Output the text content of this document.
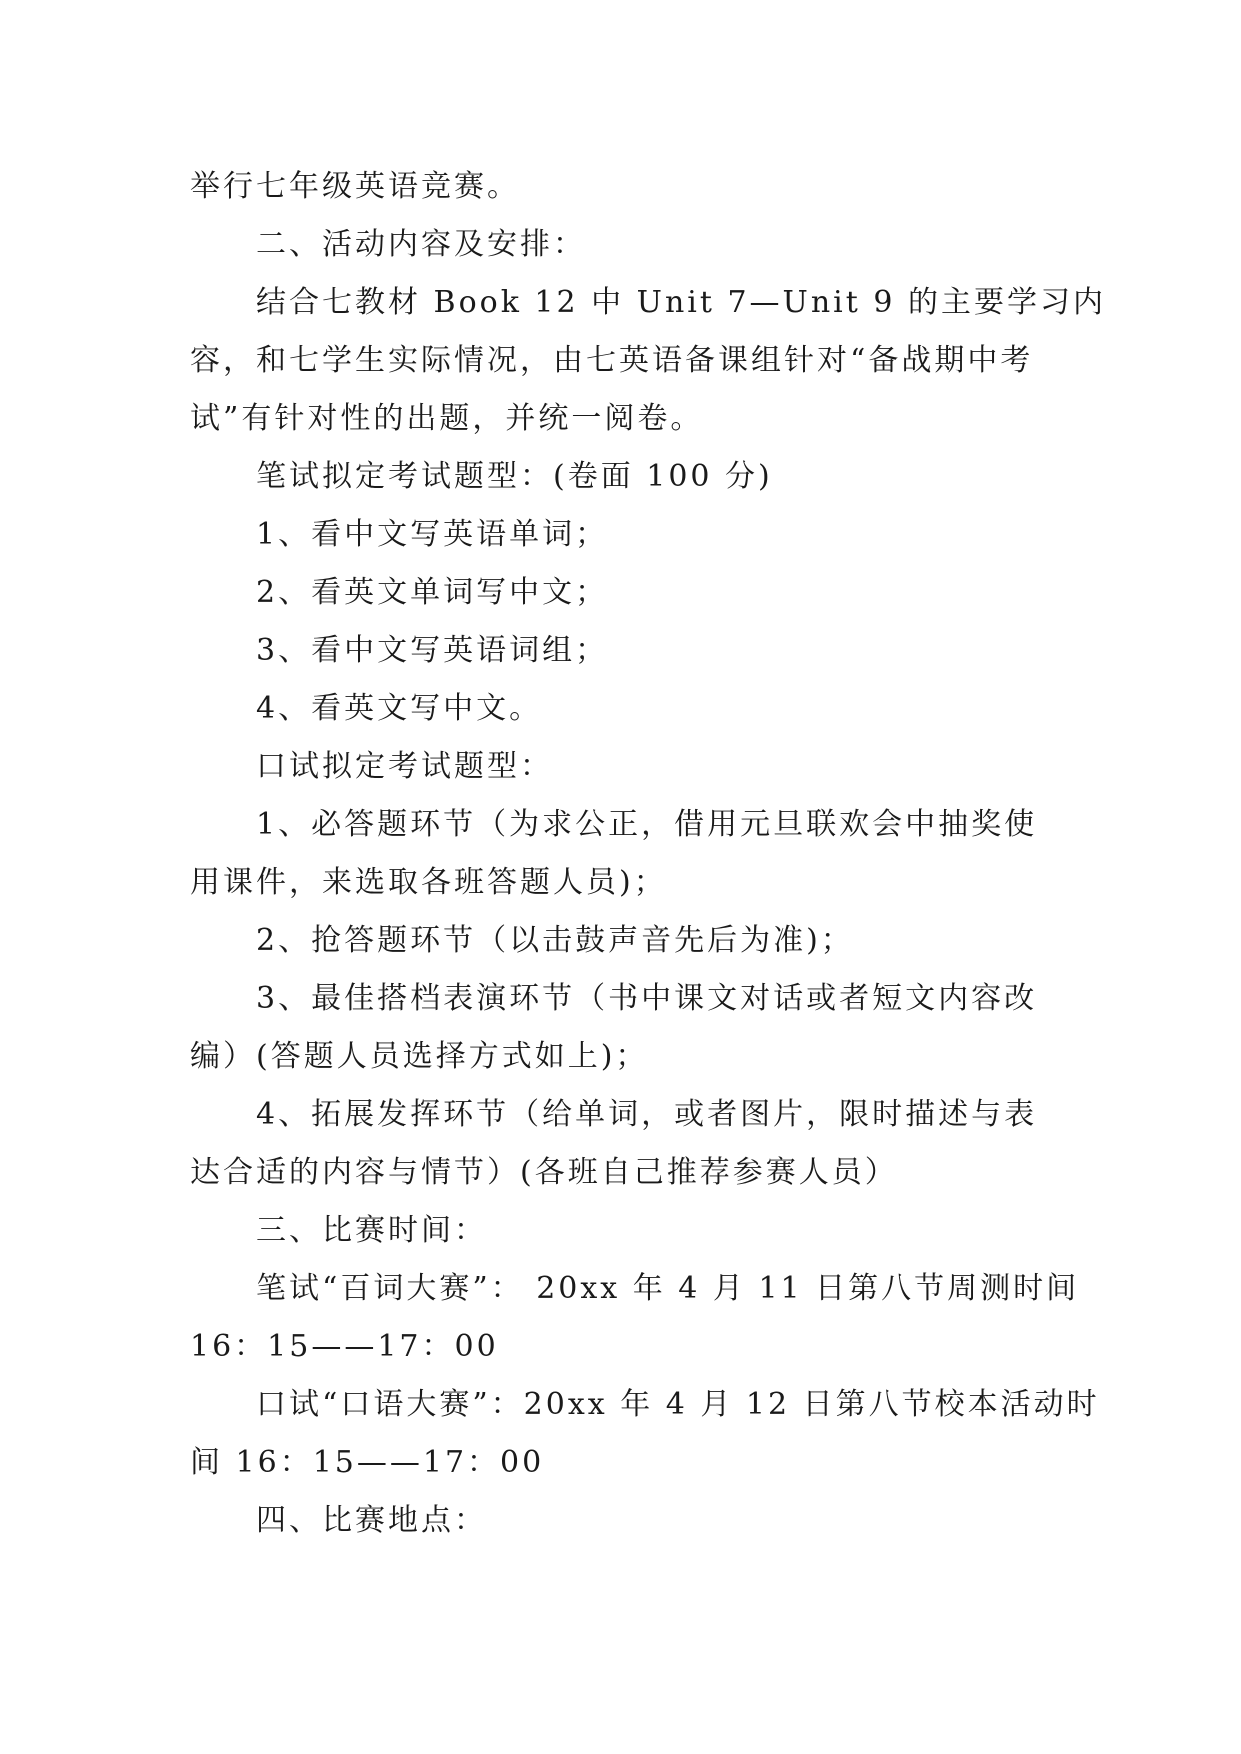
举行七年级英语竞赛。
二、活动内容及安排：
结合七教材 Book 12 中 Unit 7—Unit 9 的主要学习内
容，和七学生实际情况，由七英语备课组针对“备战期中考
试”有针对性的出题，并统一阅卷。
笔试拟定考试题型：(卷面 100 分)
1、看中文写英语单词；
2、看英文单词写中文；
3、看中文写英语词组；
4、看英文写中文。
口试拟定考试题型：
1、必答题环节（为求公正，借用元旦联欢会中抽奖使
用课件，来选取各班答题人员)；
2、抢答题环节（以击鼓声音先后为准)；
3、最佳搭档表演环节（书中课文对话或者短文内容改
编）(答题人员选择方式如上)；
4、拓展发挥环节（给单词，或者图片，限时描述与表
达合适的内容与情节）(各班自己推荐参赛人员）
三、比赛时间：
笔试“百词大赛”： 20xx 年 4 月 11 日第八节周测时间
16：15——17：00
口试“口语大赛”：20xx 年 4 月 12 日第八节校本活动时
间 16：15——17：00
四、比赛地点：
